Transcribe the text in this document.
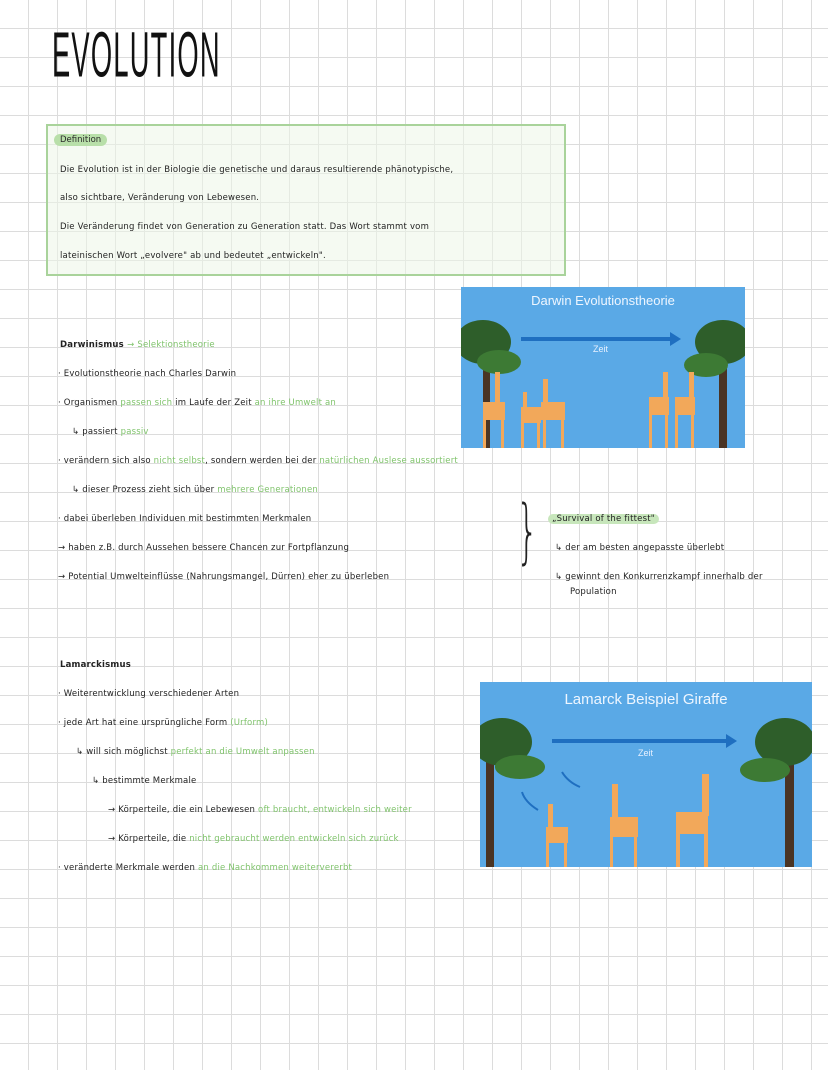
EVOLUTION
Definition
Die Evolution ist in der Biologie die genetische und daraus resultierende phänotypische,
also sichtbare, Veränderung von Lebewesen.
Die Veränderung findet von Generation zu Generation statt. Das Wort stammt vom
lateinischen Wort „evolvere" ab und bedeutet „entwickeln".
Darwin Evolutionstheorie
Zeit
Darwinismus → Selektionstheorie
· Evolutionstheorie nach Charles Darwin
· Organismen passen sich im Laufe der Zeit an ihre Umwelt an
↳ passiert passiv
· verändern sich also nicht selbst, sondern werden bei der natürlichen Auslese aussortiert
↳ dieser Prozess zieht sich über mehrere Generationen
· dabei überleben Individuen mit bestimmten Merkmalen
→ haben z.B. durch Aussehen bessere Chancen zur Fortpflanzung
→ Potential Umwelteinflüsse (Nahrungsmangel, Dürren) eher zu überleben
}	„Survival of the fittest"
↳ der am besten angepasste überlebt
↳ gewinnt den Konkurrenzkampf innerhalb der
Population
Lamarckismus
· Weiterentwicklung verschiedener Arten
· jede Art hat eine ursprüngliche Form (Urform)
↳ will sich möglichst perfekt an die Umwelt anpassen
↳ bestimmte Merkmale
→ Körperteile, die ein Lebewesen oft braucht, entwickeln sich weiter
→ Körperteile, die nicht gebraucht werden entwickeln sich zurück
· veränderte Merkmale werden an die Nachkommen weitervererbt
Lamarck Beispiel Giraffe
Zeit
